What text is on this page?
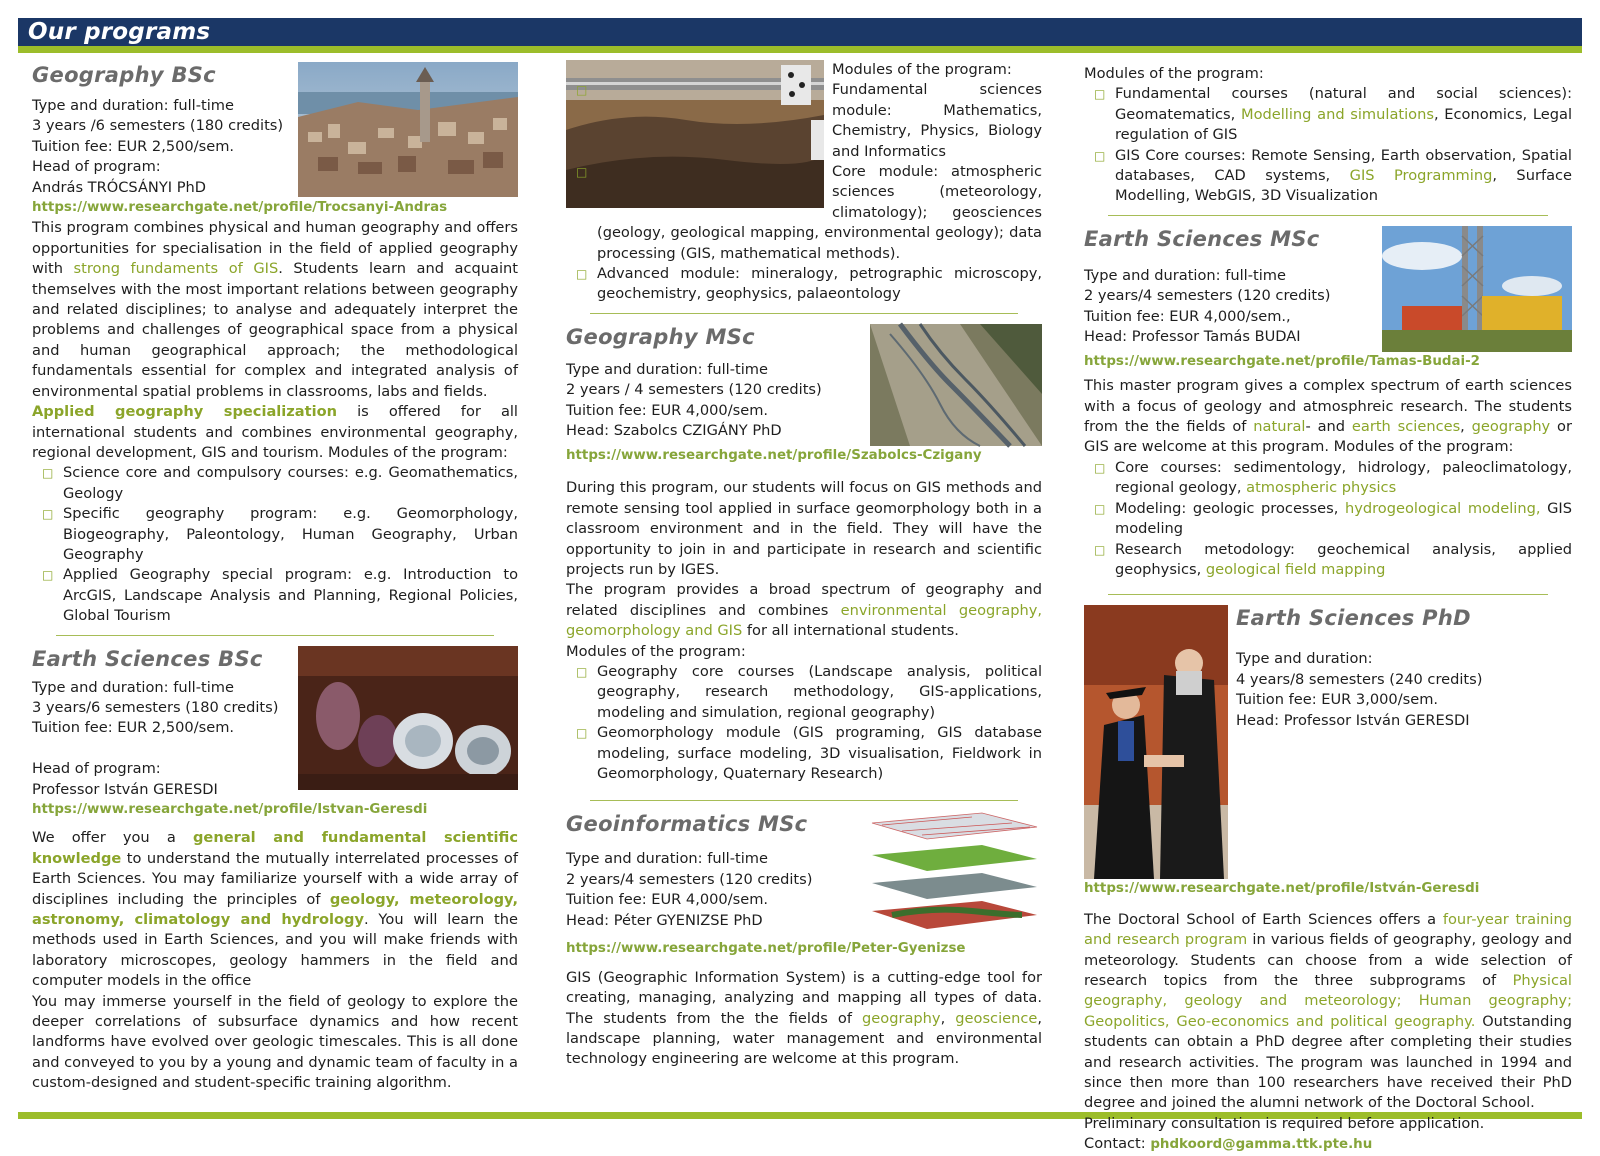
Our programs
Geography BSc
Type and duration: full-time
3 years /6 semesters (180 credits)
Tuition fee: EUR 2,500/sem.
Head of program:
András TRÓCSÁNYI PhD
https://www.researchgate.net/profile/Trocsanyi-Andras

This program combines physical and human geography and offers opportunities for specialisation in the field of applied geography with strong fundaments of GIS. Students learn and acquaint themselves with the most important relations between geography and related disciplines; to analyse and adequately interpret the problems and challenges of geographical space from a physical and human geographical approach; the methodological fundamentals essential for complex and integrated analysis of environmental spatial problems in classrooms, labs and fields.

Applied geography specialization is offered for all international students and combines environmental geography, regional development, GIS and tourism. Modules of the program:

□ Science core and compulsory courses: e.g. Geomathematics, Geology
□ Specific geography program: e.g. Geomorphology, Biogeography, Paleontology, Human Geography, Urban Geography
□ Applied Geography special program: e.g. Introduction to ArcGIS, Landscape Analysis and Planning, Regional Policies, Global Tourism
Earth Sciences BSc
Type and duration: full-time
3 years/6 semesters (180 credits)
Tuition fee: EUR 2,500/sem.

Head of program:
Professor István GERESDI
https://www.researchgate.net/profile/Istvan-Geresdi

We offer you a general and fundamental scientific knowledge to understand the mutually interrelated processes of Earth Sciences. You may familiarize yourself with a wide array of disciplines including the principles of geology, meteorology, astronomy, climatology and hydrology. You will learn the methods used in Earth Sciences, and you will make friends with laboratory microscopes, geology hammers in the field and computer models in the office

You may immerse yourself in the field of geology to explore the deeper correlations of subsurface dynamics and how recent landforms have evolved over geologic timescales. This is all done and conveyed to you by a young and dynamic team of faculty in a custom-designed and student-specific training algorithm.

Modules of the program:
□ Fundamental sciences module: Mathematics, Chemistry, Physics, Biology and Informatics
□ Core module: atmospheric sciences (meteorology, climatology); geosciences (geology, geological mapping, environmental geology); data processing (GIS, mathematical methods).
□ Advanced module: mineralogy, petrographic microscopy, geochemistry, geophysics, palaeontology
Geography MSc
Type and duration: full-time
2 years / 4 semesters (120 credits)
Tuition fee: EUR 4,000/sem.
Head: Szabolcs CZIGÁNY PhD
https://www.researchgate.net/profile/Szabolcs-Czigany

During this program, our students will focus on GIS methods and remote sensing tool applied in surface geomorphology both in a classroom environment and in the field. They will have the opportunity to join in and participate in research and scientific projects run by IGES.

The program provides a broad spectrum of geography and related disciplines and combines environmental geography, geomorphology and GIS for all international students.

Modules of the program:
□ Geography core courses (Landscape analysis, political geography, research methodology, GIS-applications, modeling and simulation, regional geography)
□ Geomorphology module (GIS programing, GIS database modeling, surface modeling, 3D visualisation, Fieldwork in Geomorphology, Quaternary Research)
Geoinformatics MSc
Type and duration: full-time
2 years/4 semesters (120 credits)
Tuition fee: EUR 4,000/sem.
Head: Péter GYENIZSE PhD
https://www.researchgate.net/profile/Peter-Gyenizse

GIS (Geographic Information System) is a cutting-edge tool for creating, managing, analyzing and mapping all types of data. The students from the the fields of geography, geoscience, landscape planning, water management and environmental technology engineering are welcome at this program.

Modules of the program:
□ Fundamental courses (natural and social sciences): Geomatematics, Modelling and simulations, Economics, Legal regulation of GIS
□ GIS Core courses: Remote Sensing, Earth observation, Spatial databases, CAD systems, GIS Programming, Surface Modelling, WebGIS, 3D Visualization
Earth Sciences MSc
Type and duration: full-time
2 years/4 semesters (120 credits)
Tuition fee: EUR 4,000/sem.,
Head: Professor Tamás BUDAI
https://www.researchgate.net/profile/Tamas-Budai-2

This master program gives a complex spectrum of earth sciences with a focus of geology and atmosphreic research. The students from the the fields of natural- and earth sciences, geography or GIS are welcome at this program. Modules of the program:

□ Core courses: sedimentology, hidrology, paleoclimatology, regional geology, atmospheric physics
□ Modeling: geologic processes, hydrogeological modeling, GIS modeling
□ Research metodology: geochemical analysis, applied geophysics, geological field mapping
Earth Sciences PhD
Type and duration:
4 years/8 semesters (240 credits)
Tuition fee: EUR 3,000/sem.
Head: Professor István GERESDI
https://www.researchgate.net/profile/István-Geresdi

The Doctoral School of Earth Sciences offers a four-year training and research program in various fields of geography, geology and meteorology. Students can choose from a wide selection of research topics from the three subprograms of Physical geography, geology and meteorology; Human geography; Geopolitics, Geo-economics and political geography. Outstanding students can obtain a PhD degree after completing their studies and research activities. The program was launched in 1994 and since then more than 100 researchers have received their PhD degree and joined the alumni network of the Doctoral School.

Preliminary consultation is required before application.

Contact: phdkoord@gamma.ttk.pte.hu
